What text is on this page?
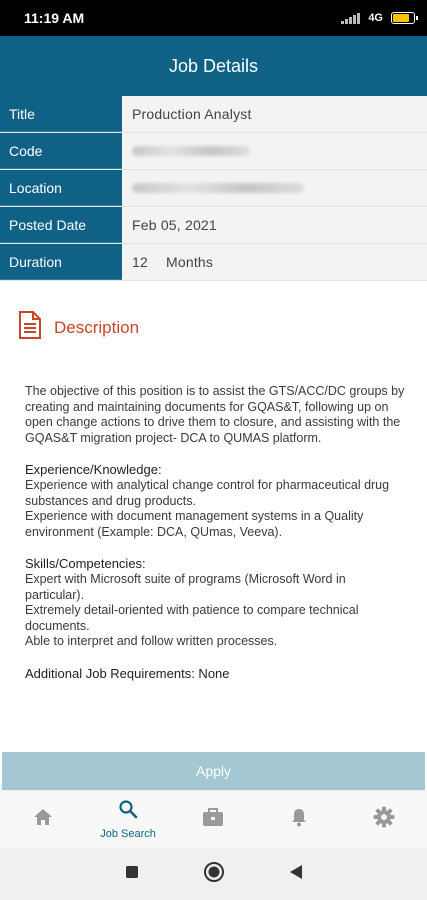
11:19 AM	4G
Job Details
Title	Production Analyst
Code
Location
Posted Date	Feb 05, 2021
Duration	12 Months
Description

The objective of this position is to assist the GTS/ACC/DC groups by creating and maintaining documents for GQAS&T, following up on open change actions to drive them to closure, and assisting with the GQAS&T migration project- DCA to QUMAS platform.

Experience/Knowledge:

Experience with analytical change control for pharmaceutical drug substances and drug products.

Experience with document management systems in a Quality environment (Example: DCA, QUmas, Veeva).

Skills/Competencies:

Expert with Microsoft suite of programs (Microsoft Word in particular).

Extremely detail-oriented with patience to compare technical documents.

Able to interpret and follow written processes.

Additional Job Requirements: None

Apply
Job Search
